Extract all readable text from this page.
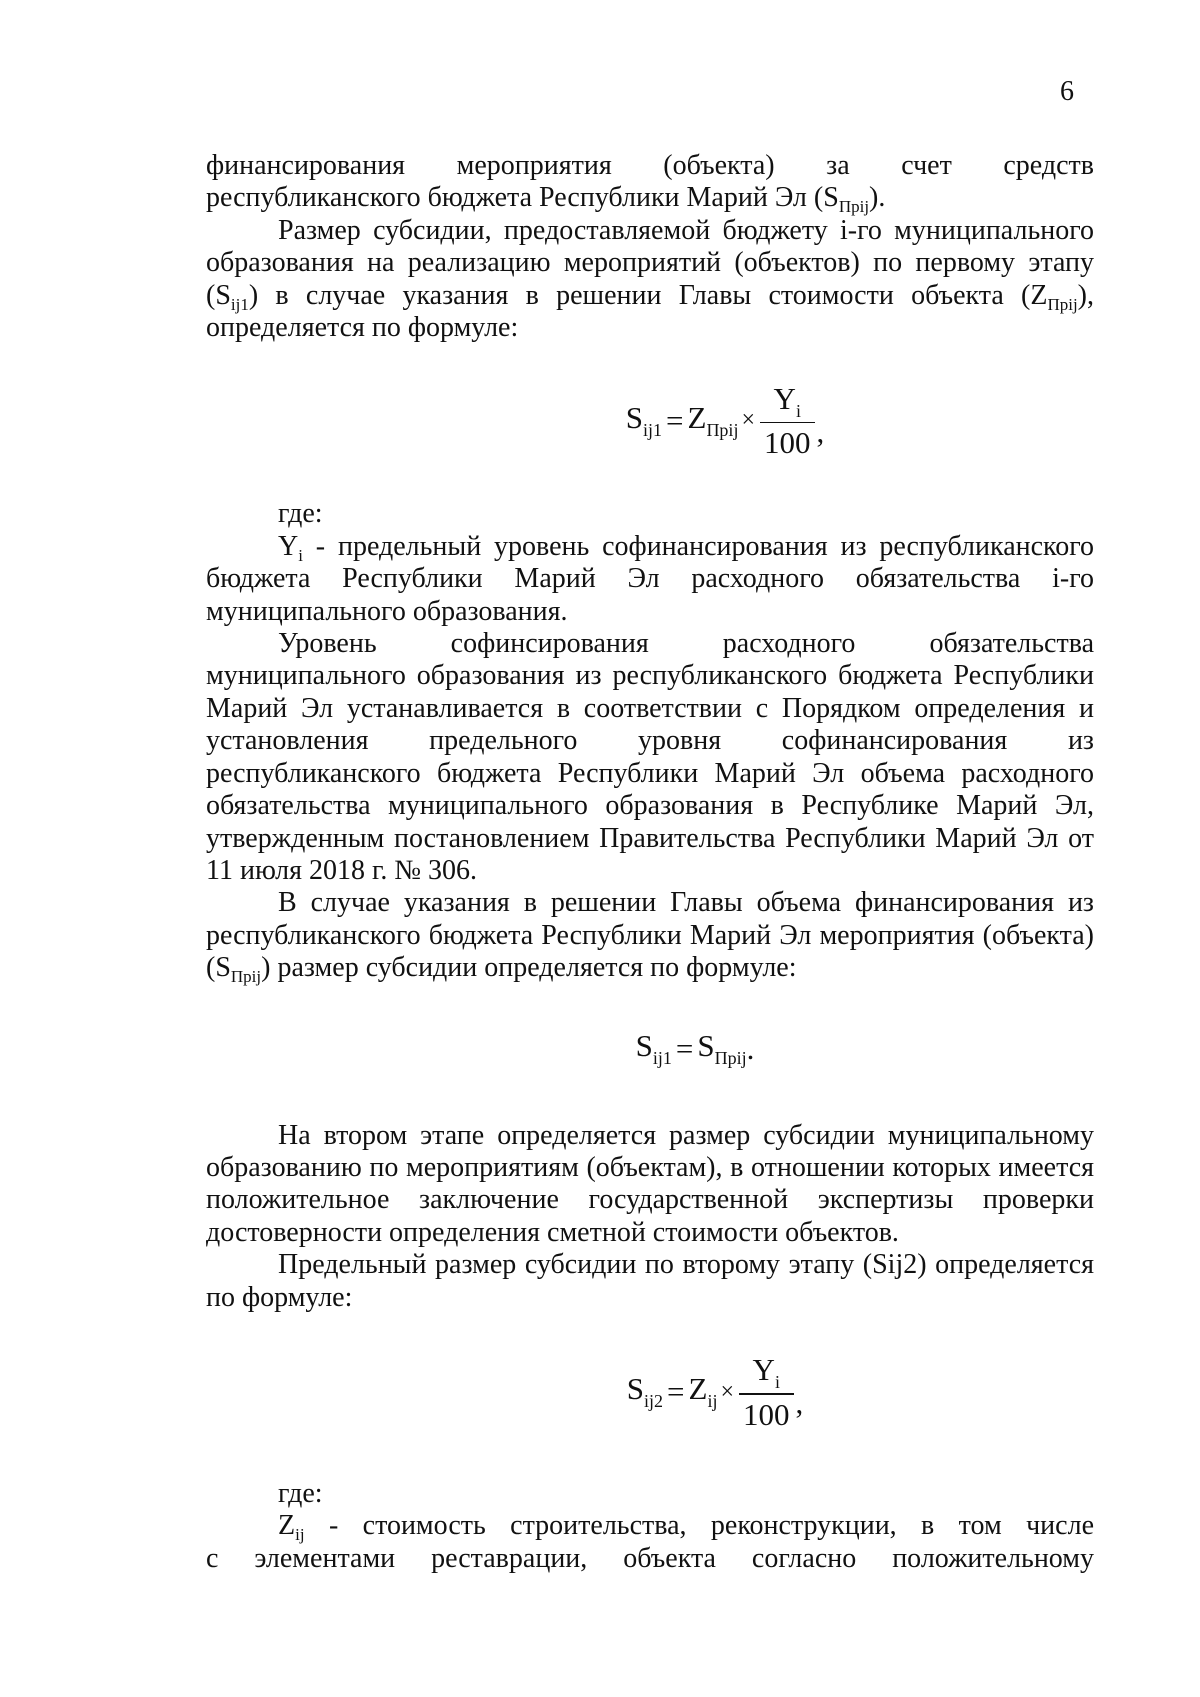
6

финансирования мероприятия (объекта) за счет средств

республиканского бюджета Республики Марий Эл $(S_{Пpij})$.

Размер субсидии, предоставляемой бюджету i-го муниципального образования на реализацию мероприятий (объектов) по первому этапу $(S_{ij1})$ в случае указания в решении Главы стоимости объекта $(Z_{Пpij})$, определяется по формуле:

$S_{ij1} = Z_{Пpij} \times \frac{Y_i}{100}$ ,

где:

$Y_i$ - предельный уровень софинансирования из республиканского бюджета Республики Марий Эл расходного обязательства i-го муниципального образования.

Уровень софинсирования расходного обязательства муниципального образования из республиканского бюджета Республики Марий Эл устанавливается в соответствии с Порядком определения и установления предельного уровня софинансирования из республиканского бюджета Республики Марий Эл объема расходного обязательства муниципального образования в Республике Марий Эл, утвержденным постановлением Правительства Республики Марий Эл от 11 июля 2018 г. № 306.

В случае указания в решении Главы объема финансирования из республиканского бюджета Республики Марий Эл мероприятия (объекта) $(S_{Пpij})$ размер субсидии определяется по формуле:

$S_{ij1} = S_{Пpij}$ .

На втором этапе определяется размер субсидии муниципальному образованию по мероприятиям (объектам), в отношении которых имеется положительное заключение государственной экспертизы проверки достоверности определения сметной стоимости объектов.

Предельный размер субсидии по второму этапу (Sij2) определяется по формуле:

$S_{ij2} = Z_{ij} \times \frac{Y_i}{100}$ ,

где:

$Z_{ij}$ - стоимость строительства, реконструкции, в том числе

с элементами реставрации, объекта согласно положительному
